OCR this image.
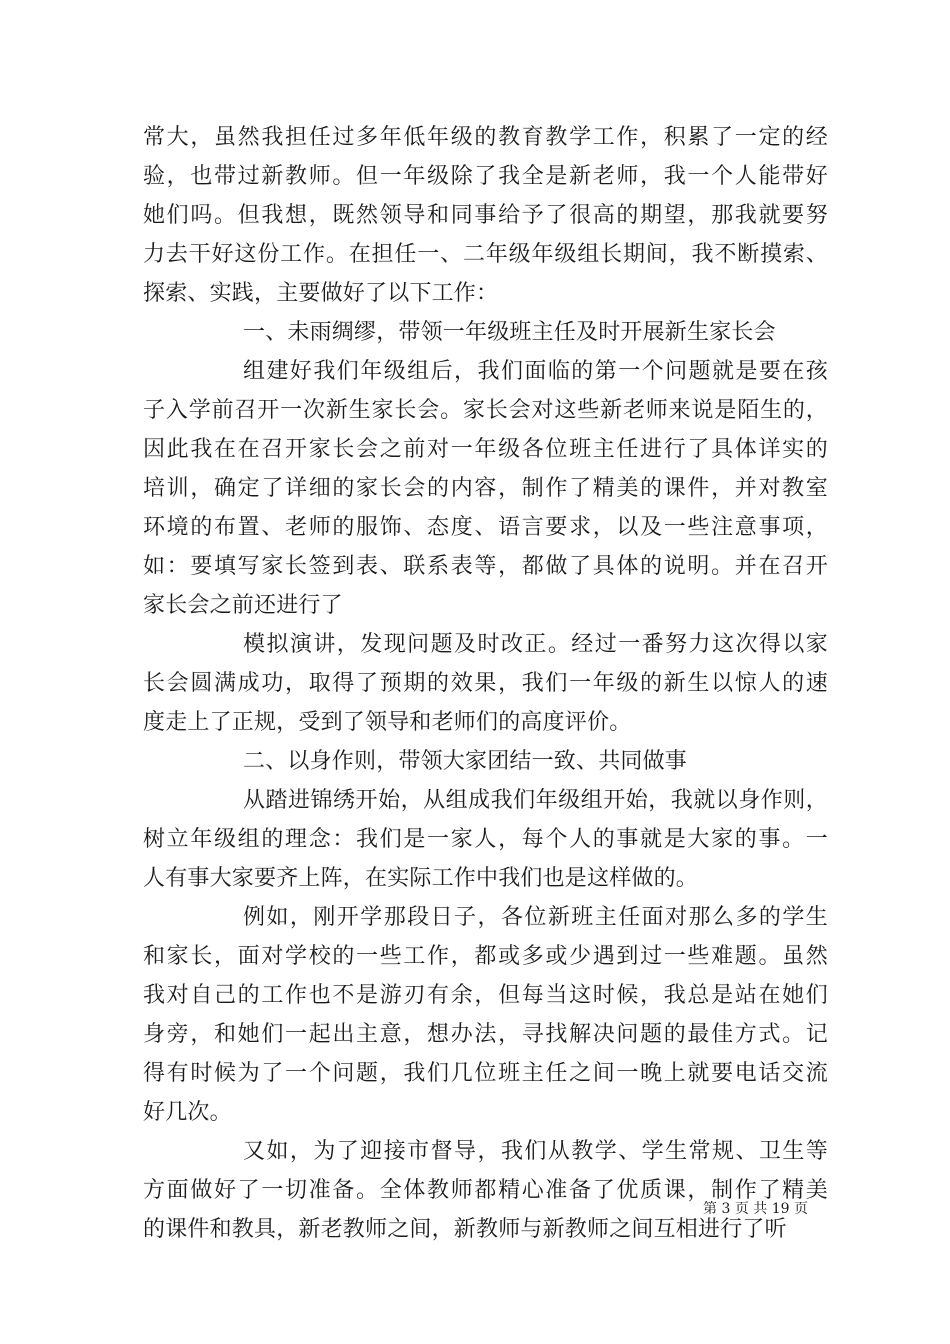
常大，虽然我担任过多年低年级的教育教学工作，积累了一定的经
验，也带过新教师。但一年级除了我全是新老师，我一个人能带好
她们吗。但我想，既然领导和同事给予了很高的期望，那我就要努
力去干好这份工作。在担任一、二年级年级组长期间，我不断摸索、
探索、实践，主要做好了以下工作：
一、未雨绸缪，带领一年级班主任及时开展新生家长会
组建好我们年级组后，我们面临的第一个问题就是要在孩
子入学前召开一次新生家长会。家长会对这些新老师来说是陌生的，
因此我在在召开家长会之前对一年级各位班主任进行了具体详实的
培训，确定了详细的家长会的内容，制作了精美的课件，并对教室
环境的布置、老师的服饰、态度、语言要求，以及一些注意事项，
如：要填写家长签到表、联系表等，都做了具体的说明。并在召开
家长会之前还进行了
模拟演讲，发现问题及时改正。经过一番努力这次得以家
长会圆满成功，取得了预期的效果，我们一年级的新生以惊人的速
度走上了正规，受到了领导和老师们的高度评价。
二、以身作则，带领大家团结一致、共同做事
从踏进锦绣开始，从组成我们年级组开始，我就以身作则，
树立年级组的理念：我们是一家人，每个人的事就是大家的事。一
人有事大家要齐上阵，在实际工作中我们也是这样做的。
例如，刚开学那段日子，各位新班主任面对那么多的学生
和家长，面对学校的一些工作，都或多或少遇到过一些难题。虽然
我对自己的工作也不是游刃有余，但每当这时候，我总是站在她们
身旁，和她们一起出主意，想办法，寻找解决问题的最佳方式。记
得有时候为了一个问题，我们几位班主任之间一晚上就要电话交流
好几次。
又如，为了迎接市督导，我们从教学、学生常规、卫生等
方面做好了一切准备。全体教师都精心准备了优质课，制作了精美
的课件和教具，新老教师之间，新教师与新教师之间互相进行了听
第 3 页 共 19 页
